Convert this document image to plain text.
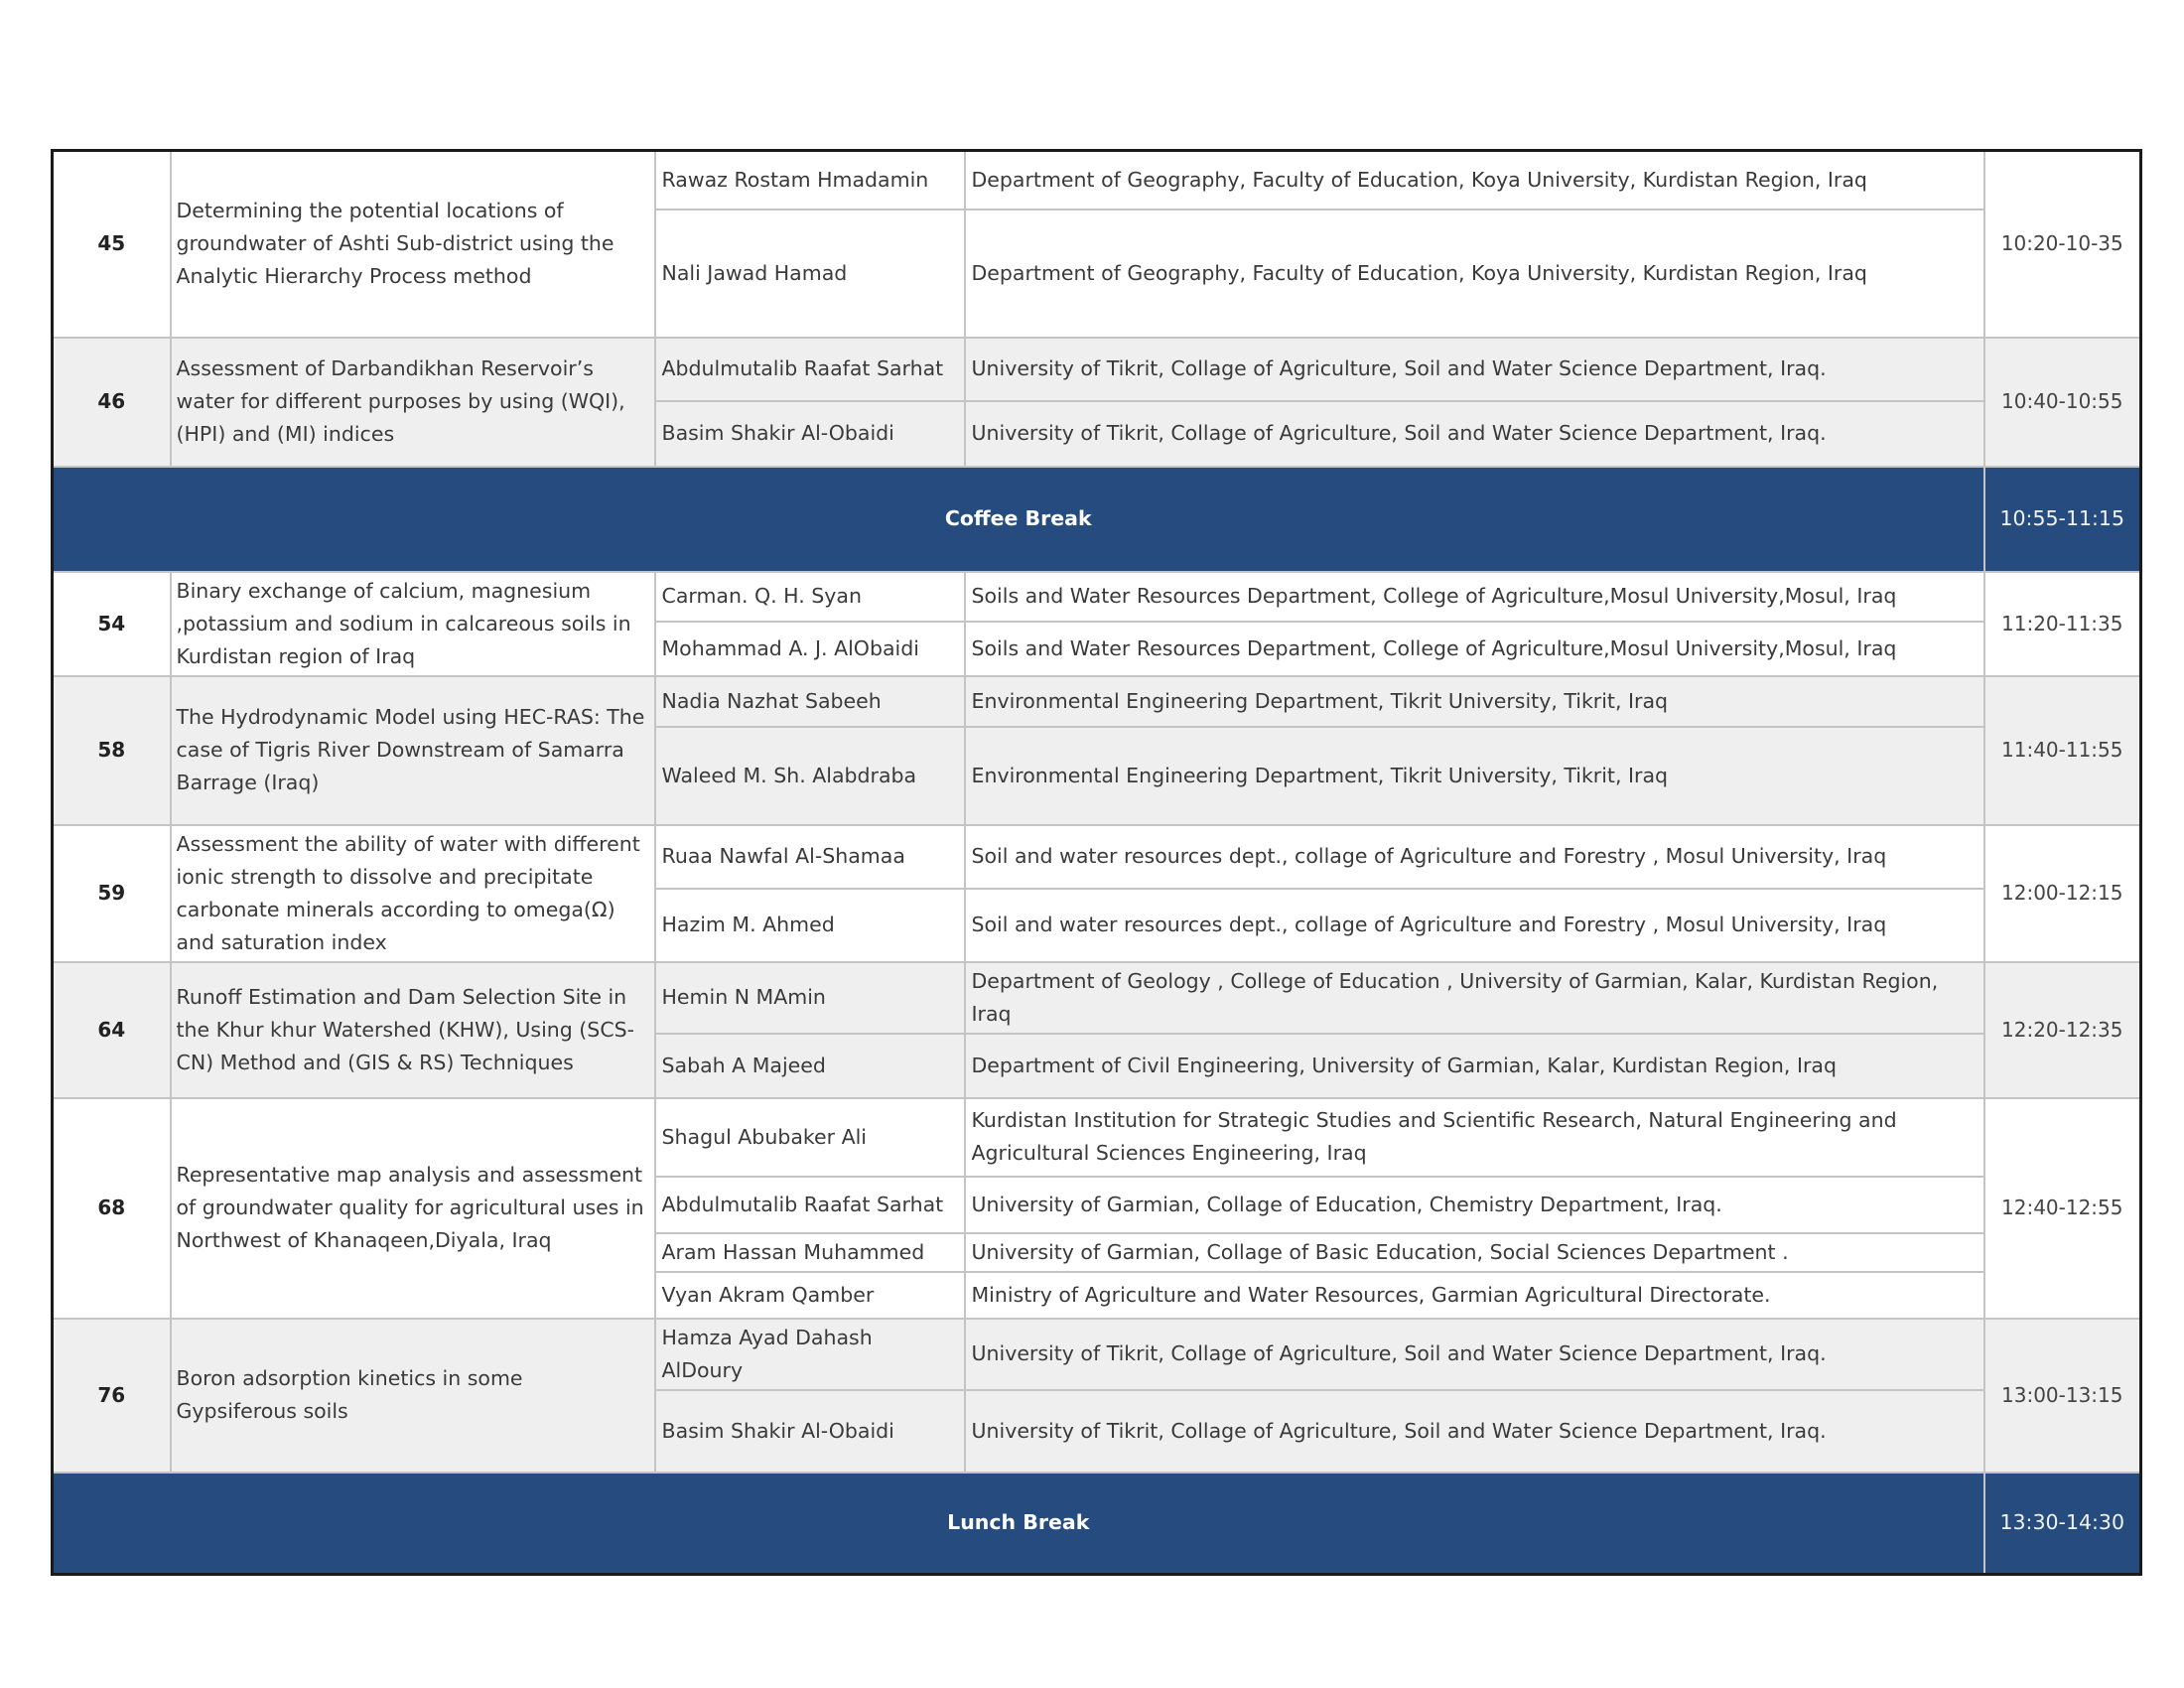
45	Determining the potential locations of groundwater of Ashti Sub-district using the Analytic Hierarchy Process method	Rawaz Rostam Hmadamin	Department of Geography, Faculty of Education, Koya University, Kurdistan Region, Iraq	10:20-10-35
		Nali Jawad Hamad	Department of Geography, Faculty of Education, Koya University, Kurdistan Region, Iraq	
46	Assessment of Darbandikhan Reservoir’s water for different purposes by using (WQI), (HPI) and (MI) indices	Abdulmutalib Raafat Sarhat	University of Tikrit, Collage of Agriculture, Soil and Water Science Department, Iraq.	10:40-10:55
		Basim Shakir Al-Obaidi	University of Tikrit, Collage of Agriculture, Soil and Water Science Department, Iraq.	
Coffee Break				10:55-11:15
54	Binary exchange of calcium, magnesium ,potassium and sodium in calcareous soils in Kurdistan region of Iraq	Carman. Q. H. Syan	Soils and Water Resources Department, College of Agriculture,Mosul University,Mosul, Iraq	11:20-11:35
		Mohammad A. J. AlObaidi	Soils and Water Resources Department, College of Agriculture,Mosul University,Mosul, Iraq	
58	The Hydrodynamic Model using HEC-RAS: The case of Tigris River Downstream of Samarra Barrage (Iraq)	Nadia Nazhat Sabeeh	Environmental Engineering Department, Tikrit University, Tikrit, Iraq	11:40-11:55
		Waleed M. Sh. Alabdraba	Environmental Engineering Department, Tikrit University, Tikrit, Iraq	
59	Assessment the ability of water with different ionic strength to dissolve and precipitate carbonate minerals according to omega(Ω) and saturation index	Ruaa Nawfal Al-Shamaa	Soil and water resources dept., collage of Agriculture and Forestry , Mosul University, Iraq	12:00-12:15
		Hazim M. Ahmed	Soil and water resources dept., collage of Agriculture and Forestry , Mosul University, Iraq	
64	Runoff Estimation and Dam Selection Site in the Khur khur Watershed (KHW), Using (SCS-CN) Method and (GIS & RS) Techniques	Hemin N MAmin	Department of Geology , College of Education , University of Garmian, Kalar, Kurdistan Region, Iraq	12:20-12:35
		Sabah A Majeed	Department of Civil Engineering, University of Garmian, Kalar, Kurdistan Region, Iraq	
68	Representative map analysis and assessment of groundwater quality for agricultural uses in Northwest of Khanaqeen,Diyala, Iraq	Shagul Abubaker Ali	Kurdistan Institution for Strategic Studies and Scientific Research, Natural Engineering and Agricultural Sciences Engineering, Iraq	12:40-12:55
		Abdulmutalib Raafat Sarhat	University of Garmian, Collage of Education, Chemistry Department, Iraq.	
		Aram Hassan Muhammed	University of Garmian, Collage of Basic Education, Social Sciences Department .	
		Vyan Akram Qamber	Ministry of Agriculture and Water Resources, Garmian Agricultural Directorate.	
76	Boron adsorption kinetics in some Gypsiferous soils	Hamza Ayad Dahash AlDoury	University of Tikrit, Collage of Agriculture, Soil and Water Science Department, Iraq.	13:00-13:15
		Basim Shakir Al-Obaidi	University of Tikrit, Collage of Agriculture, Soil and Water Science Department, Iraq.	
Lunch Break				13:30-14:30
